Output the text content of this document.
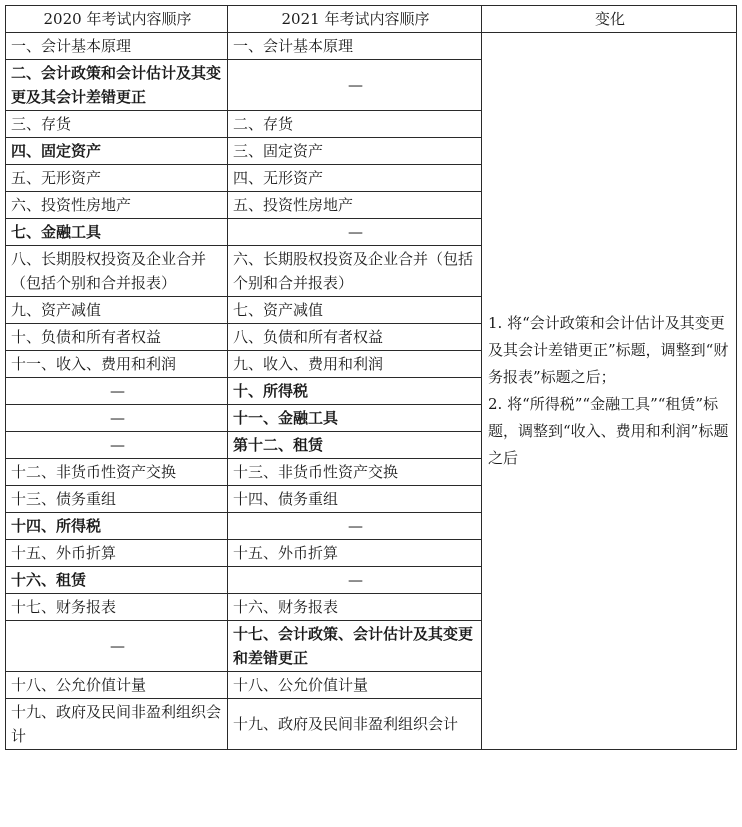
2020 年考试内容顺序	2021 年考试内容顺序	变化
一、会计基本原理	一、会计基本原理	1. 将“会计政策和会计估计及其变更及其会计差错更正”标题，调整到“财务报表”标题之后；

2. 将“所得税”“金融工具”“租赁”标题，调整到“收入、费用和利润”标题之后

二、会计政策和会计估计及其变更及其会计差错更正	—	
三、存货	二、存货	
四、固定资产	三、固定资产	
五、无形资产	四、无形资产	
六、投资性房地产	五、投资性房地产	
七、金融工具	—	
八、长期股权投资及企业合并（包括个别和合并报表）	六、长期股权投资及企业合并（包括个别和合并报表）	
九、资产减值	七、资产减值	
十、负债和所有者权益	八、负债和所有者权益	
十一、收入、费用和利润	九、收入、费用和利润	
—	十、所得税	
—	十一、金融工具	
—	第十二、租赁	
十二、非货币性资产交换	十三、非货币性资产交换	
十三、债务重组	十四、债务重组	
十四、所得税	—	
十五、外币折算	十五、外币折算	
十六、租赁	—	
十七、财务报表	十六、财务报表	
—	十七、会计政策、会计估计及其变更和差错更正	
十八、公允价值计量	十八、公允价值计量	
十九、政府及民间非盈利组织会计	十九、政府及民间非盈利组织会计	
